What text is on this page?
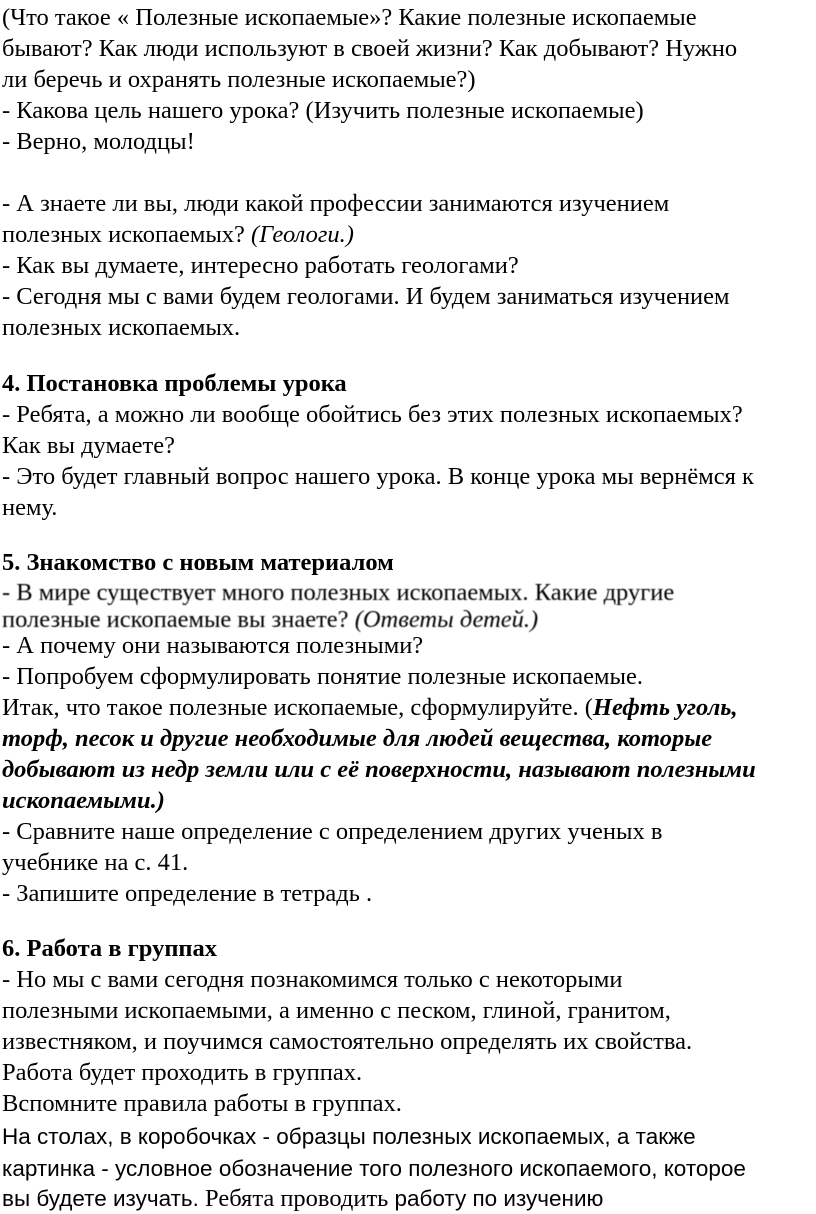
(Что такое « Полезные ископаемые»? Какие полезные ископаемые
бывают? Как люди используют в своей жизни? Как добывают? Нужно
ли беречь и охранять полезные ископаемые?)
- Какова цель нашего урока? (Изучить полезные ископаемые)
- Верно, молодцы!
- А знаете ли вы, люди какой профессии занимаются изучением
полезных ископаемых? (Геологи.)
- Как вы думаете, интересно работать геологами?
- Сегодня мы с вами будем геологами. И будем заниматься изучением
полезных ископаемых.
4. Постановка проблемы урока
- Ребята, а можно ли вообще обойтись без этих полезных ископаемых?
Как вы думаете?
- Это будет главный вопрос нашего урока. В конце урока мы вернёмся к
нему.
5. Знакомство с новым материалом
- В мире существует много полезных ископаемых. Какие другие
полезные ископаемые вы знаете? (Ответы детей.)
- А почему они называются полезными?
- Попробуем сформулировать понятие полезные ископаемые.
Итак, что такое полезные ископаемые, сформулируйте. (Нефть уголь,
торф, песок и другие необходимые для людей вещества, которые
добывают из недр земли или с её поверхности, называют полезными
ископаемыми.)
- Сравните наше определение с определением других ученых в
учебнике на с. 41.
- Запишите определение в тетрадь .
6. Работа в группах
- Но мы с вами сегодня познакомимся только с некоторыми
полезными ископаемыми, а именно с песком, глиной, гранитом,
известняком, и поучимся самостоятельно определять их свойства.
Работа будет проходить в группах.
Вспомните правила работы в группах.
На столах, в коробочках - образцы полезных ископаемых, а также
картинка - условное обозначение того полезного ископаемого, которое
вы будете изучать. Ребята проводить работу по изучению
